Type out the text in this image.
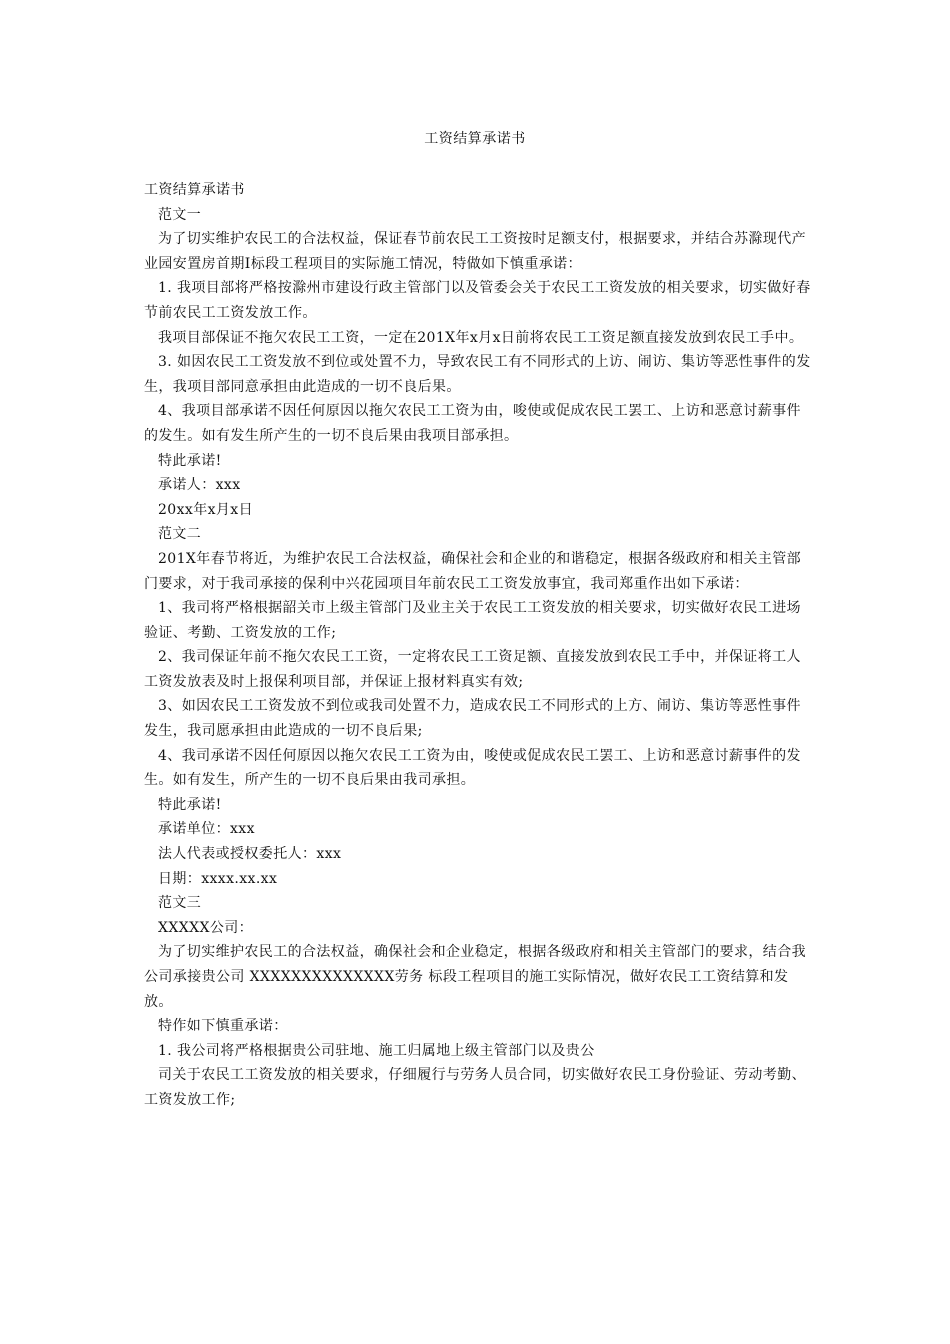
工资结算承诺书

工资结算承诺书

范文一

为了切实维护农民工的合法权益，保证春节前农民工工资按时足额支付，根据要求，并结合苏滁现代产业园安置房首期Ⅰ标段工程项目的实际施工情况，特做如下慎重承诺：

1. 我项目部将严格按滁州市建设行政主管部门以及管委会关于农民工工资发放的相关要求，切实做好春节前农民工工资发放工作。

我项目部保证不拖欠农民工工资，一定在201X年x月x日前将农民工工资足额直接发放到农民工手中。

3. 如因农民工工资发放不到位或处置不力，导致农民工有不同形式的上访、闹访、集访等恶性事件的发生，我项目部同意承担由此造成的一切不良后果。

4、我项目部承诺不因任何原因以拖欠农民工工资为由，唆使或促成农民工罢工、上访和恶意讨薪事件的发生。如有发生所产生的一切不良后果由我项目部承担。

特此承诺!

承诺人：xxx

20xx年x月x日

范文二

201X年春节将近，为维护农民工合法权益，确保社会和企业的和谐稳定，根据各级政府和相关主管部门要求，对于我司承接的保利中兴花园项目年前农民工工资发放事宜，我司郑重作出如下承诺：

1、我司将严格根据韶关市上级主管部门及业主关于农民工工资发放的相关要求，切实做好农民工进场验证、考勤、工资发放的工作;

2、我司保证年前不拖欠农民工工资，一定将农民工工资足额、直接发放到农民工手中，并保证将工人工资发放表及时上报保利项目部，并保证上报材料真实有效;

3、如因农民工工资发放不到位或我司处置不力，造成农民工不同形式的上方、闹访、集访等恶性事件发生，我司愿承担由此造成的一切不良后果;

4、我司承诺不因任何原因以拖欠农民工工资为由，唆使或促成农民工罢工、上访和恶意讨薪事件的发生。如有发生，所产生的一切不良后果由我司承担。

特此承诺!

承诺单位：xxx

法人代表或授权委托人：xxx

日期：xxxx.xx.xx

范文三

XXXXX公司：

为了切实维护农民工的合法权益，确保社会和企业稳定，根据各级政府和相关主管部门的要求，结合我公司承接贵公司 XXXXXXXXXXXXXX劳务 标段工程项目的施工实际情况，做好农民工工资结算和发放。

特作如下慎重承诺：

1. 我公司将严格根据贵公司驻地、施工归属地上级主管部门以及贵公

司关于农民工工资发放的相关要求，仔细履行与劳务人员合同，切实做好农民工身份验证、劳动考勤、工资发放工作;
